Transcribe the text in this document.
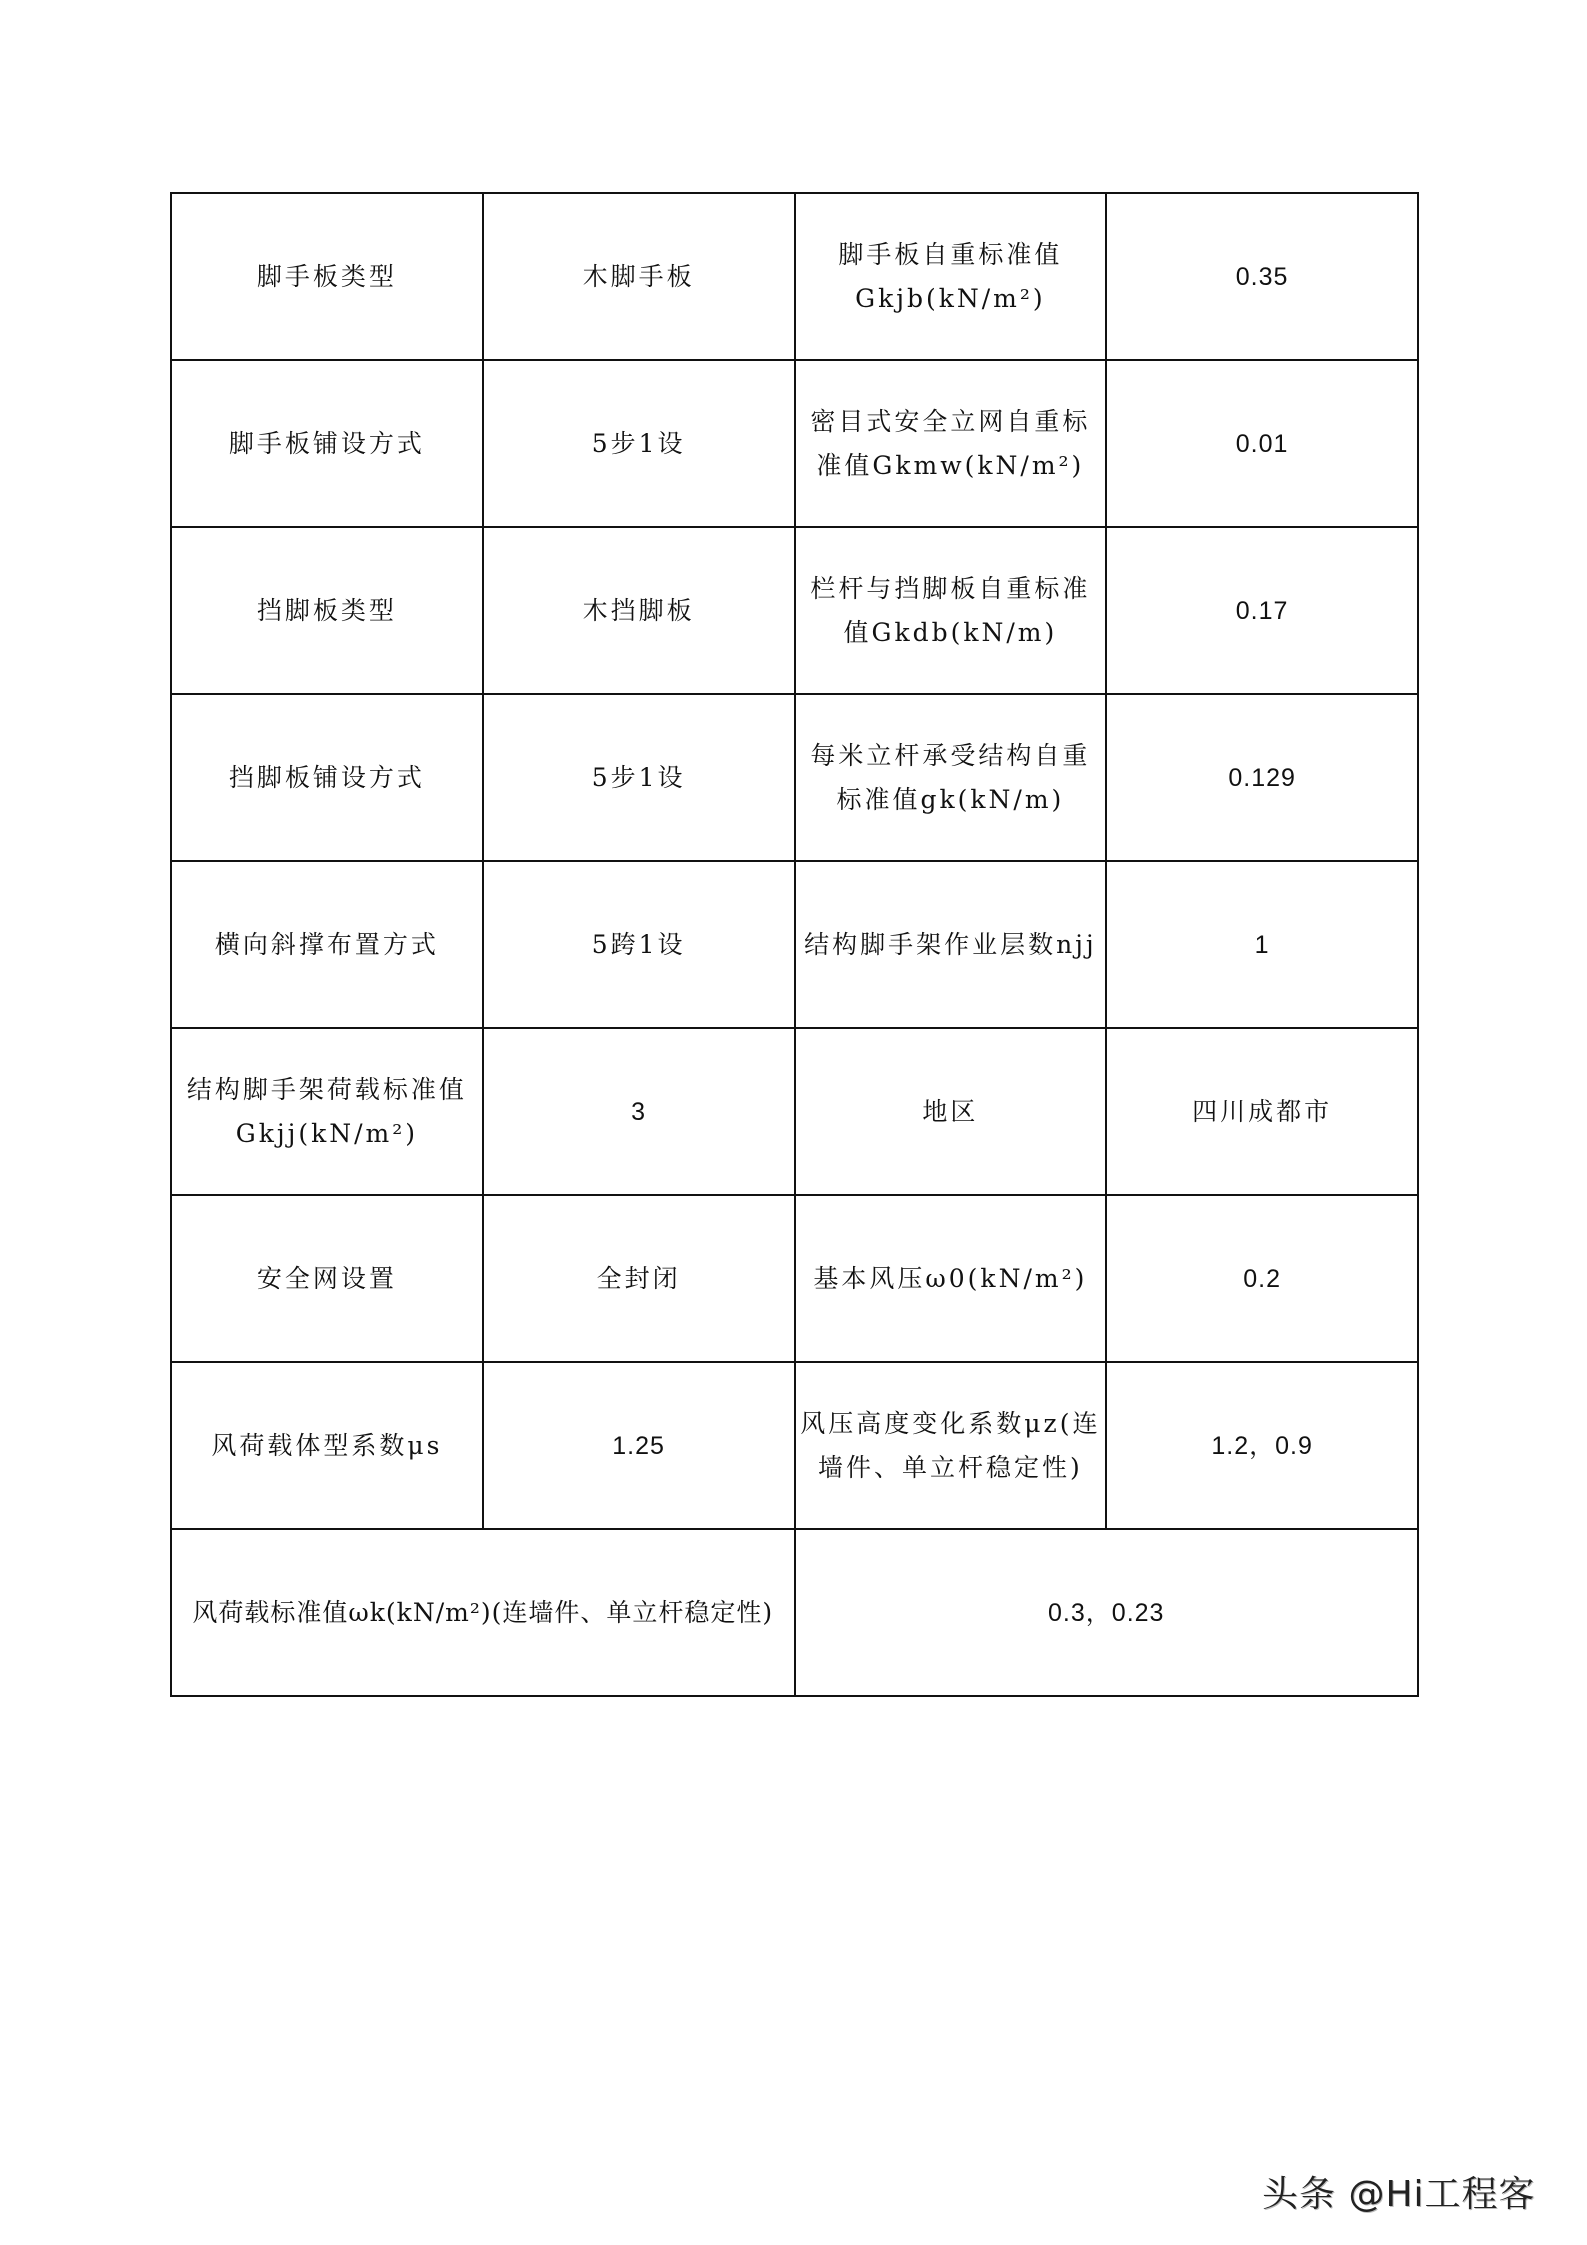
脚手板类型	木脚手板	脚手板自重标准值Gkjb(kN/m²)	0.35
脚手板铺设方式	5步1设	密目式安全立网自重标准值Gkmw(kN/m²)	0.01
挡脚板类型	木挡脚板	栏杆与挡脚板自重标准值Gkdb(kN/m)	0.17
挡脚板铺设方式	5步1设	每米立杆承受结构自重标准值gk(kN/m)	0.129
横向斜撑布置方式	5跨1设	结构脚手架作业层数njj	1
结构脚手架荷载标准值Gkjj(kN/m²)	3	地区	四川成都市
安全网设置	全封闭	基本风压ω0(kN/m²)	0.2
风荷载体型系数μs	1.25	风压高度变化系数μz(连墙件、单立杆稳定性)	1.2，0.9
风荷载标准值ωk(kN/m²)(连墙件、单立杆稳定性)		0.3，0.23	
头条 @Hi工程客
